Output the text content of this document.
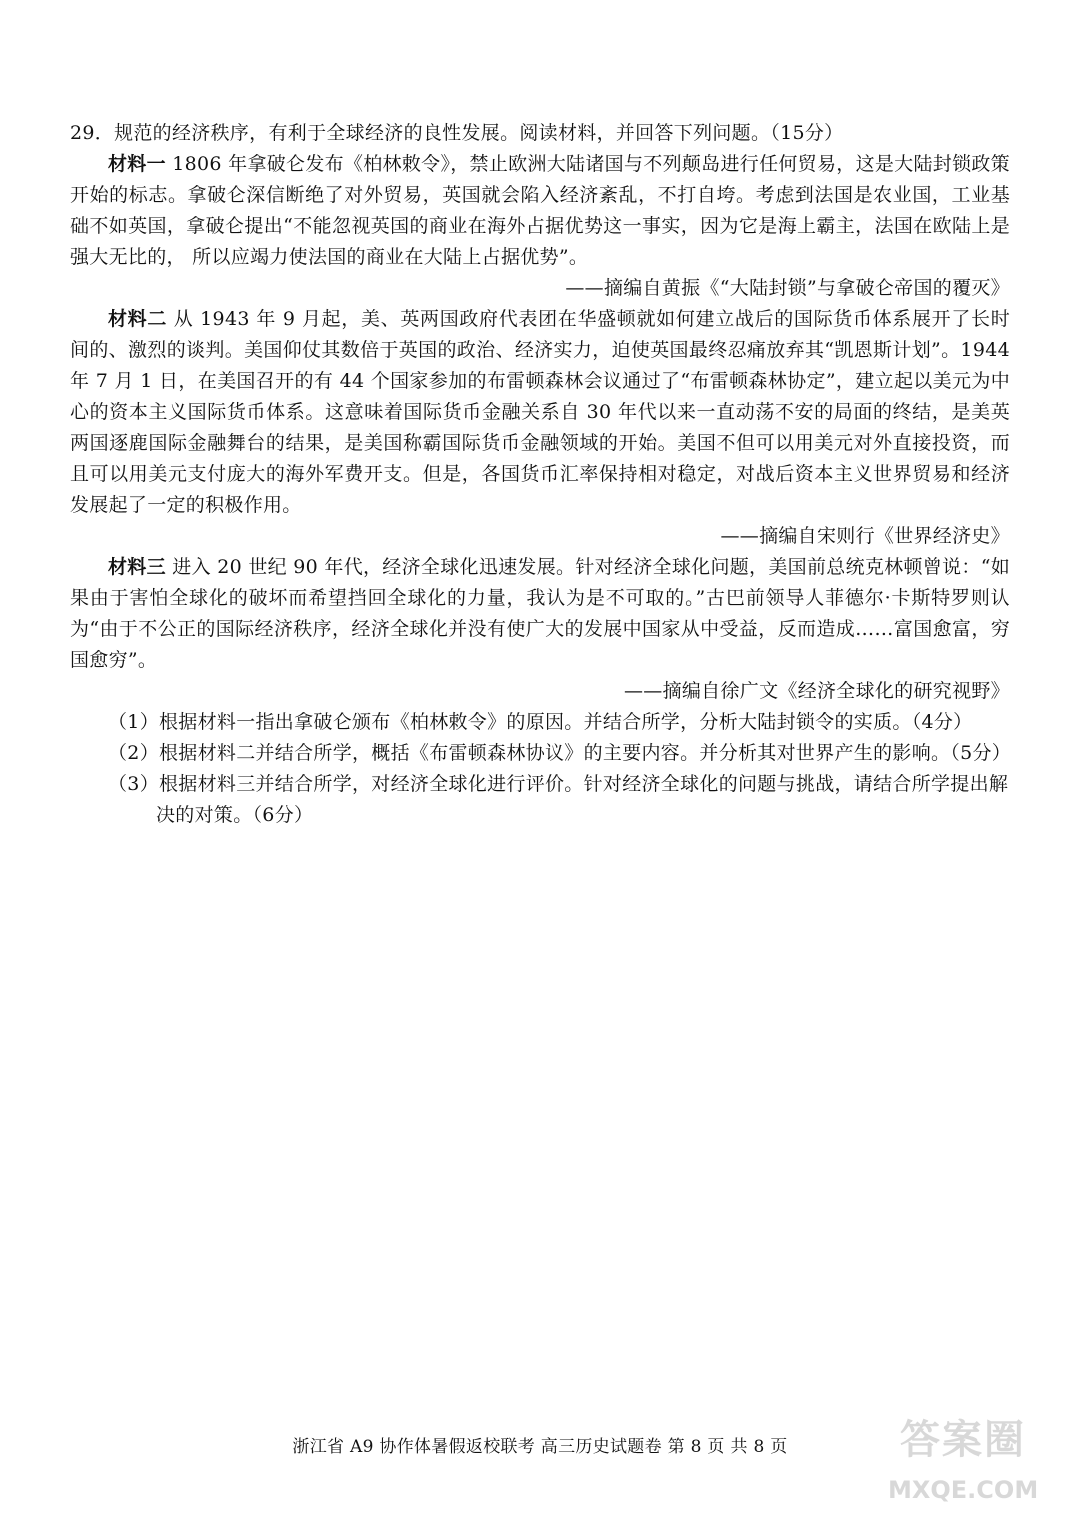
29．规范的经济秩序，有利于全球经济的良性发展。阅读材料，并回答下列问题。（15分）

材料一 1806 年拿破仑发布《柏林敕令》，禁止欧洲大陆诸国与不列颠岛进行任何贸易，这是大陆封锁政策开始的标志。拿破仑深信断绝了对外贸易，英国就会陷入经济紊乱，不打自垮。考虑到法国是农业国，工业基础不如英国，拿破仑提出“不能忽视英国的商业在海外占据优势这一事实，因为它是海上霸主，法国在欧陆上是强大无比的， 所以应竭力使法国的商业在大陆上占据优势”。

——摘编自黄振《“大陆封锁”与拿破仑帝国的覆灭》

材料二 从 1943 年 9 月起，美、英两国政府代表团在华盛顿就如何建立战后的国际货币体系展开了长时间的、激烈的谈判。美国仰仗其数倍于英国的政治、经济实力，迫使英国最终忍痛放弃其“凯恩斯计划”。1944 年 7 月 1 日，在美国召开的有 44 个国家参加的布雷顿森林会议通过了“布雷顿森林协定”，建立起以美元为中心的资本主义国际货币体系。这意味着国际货币金融关系自 30 年代以来一直动荡不安的局面的终结，是美英两国逐鹿国际金融舞台的结果，是美国称霸国际货币金融领域的开始。美国不但可以用美元对外直接投资，而且可以用美元支付庞大的海外军费开支。但是，各国货币汇率保持相对稳定，对战后资本主义世界贸易和经济发展起了一定的积极作用。

——摘编自宋则行《世界经济史》

材料三 进入 20 世纪 90 年代，经济全球化迅速发展。针对经济全球化问题，美国前总统克林顿曾说：“如果由于害怕全球化的破坏而希望挡回全球化的力量，我认为是不可取的。”古巴前领导人菲德尔·卡斯特罗则认为“由于不公正的国际经济秩序，经济全球化并没有使广大的发展中国家从中受益，反而造成……富国愈富，穷国愈穷”。

——摘编自徐广文《经济全球化的研究视野》

（1）根据材料一指出拿破仑颁布《柏林敕令》的原因。并结合所学，分析大陆封锁令的实质。（4分）

（2）根据材料二并结合所学，概括《布雷顿森林协议》的主要内容。并分析其对世界产生的影响。（5分）

（3）根据材料三并结合所学，对经济全球化进行评价。针对经济全球化的问题与挑战，请结合所学提出解决的对策。（6分）

浙江省 A9 协作体暑假返校联考 高三历史试题卷 第 8 页 共 8 页	答案圈
MXQE.COM
